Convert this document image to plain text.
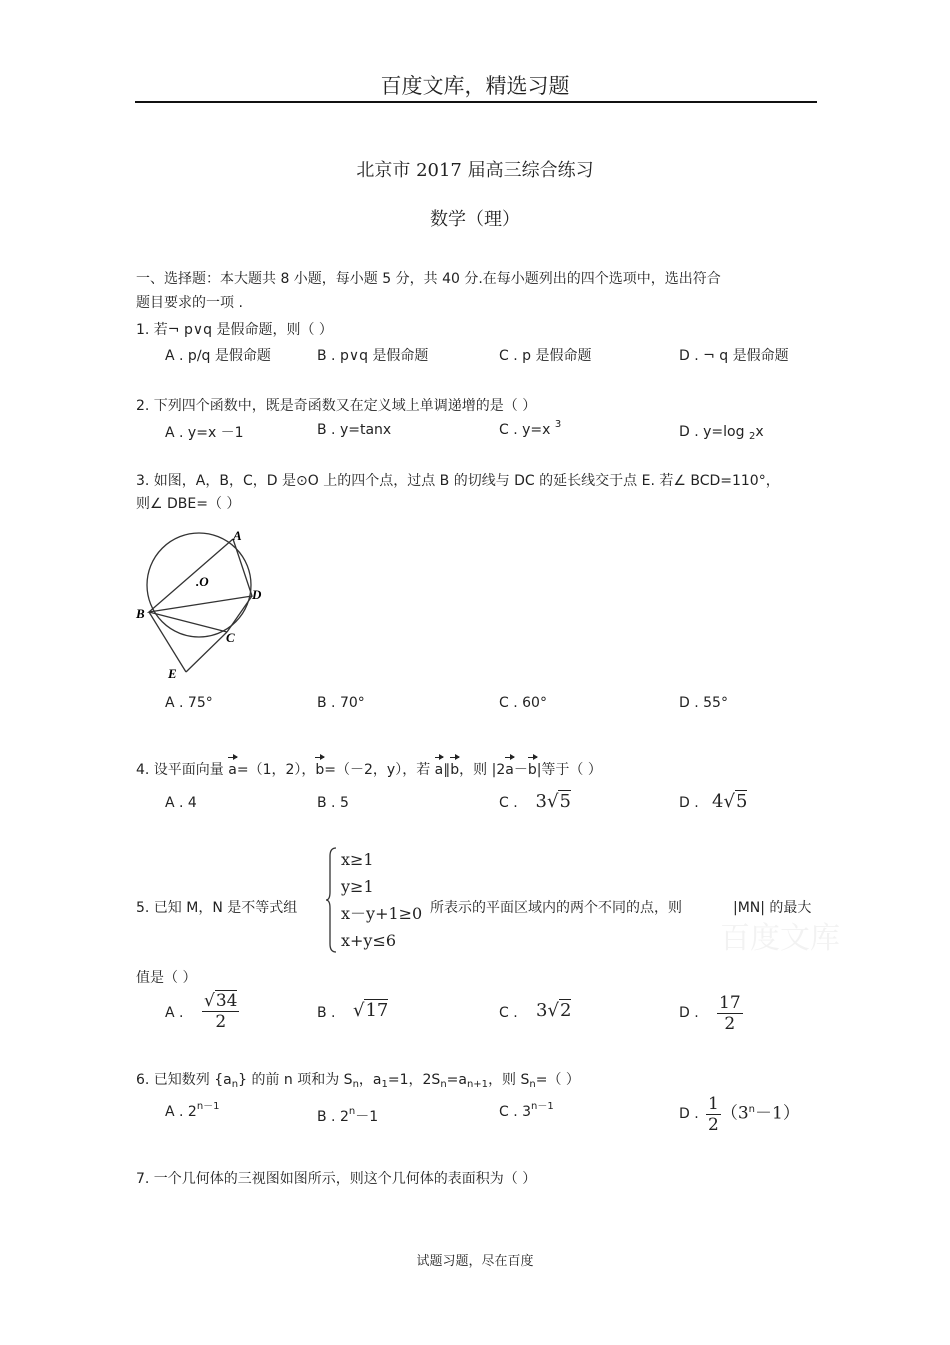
百度文库，精选习题
北京市 2017 届高三综合练习
数学（理）
一、选择题：本大题共 8 小题，每小题 5 分，共 40 分.在每小题列出的四个选项中，选出符合
题目要求的一项 .
1. 若¬ p∨q 是假命题，则（ ）
A . p∕q 是假命题	B . p∨q 是假命题	C . p 是假命题	D . ¬ q 是假命题
2. 下列四个函数中，既是奇函数又在定义域上单调递增的是（ ）
A . y=x －1	B . y=tanx	C . y=x $^3$	D . y=log $_2$x
3. 如图，A，B，C，D 是⊙O 上的四个点，过点 B 的切线与 DC 的延长线交于点 E. 若∠ BCD=110°，
则∠ DBE=（ ）
A
B
D
C
E
.O
A . 75°	B . 70°	C . 60°	D . 55°
4. 设平面向量 a=（1，2），b=（－2，y），若 a∥b，则 |2a－b|等于（ ）
A . 4	B . 5	C . 3√5	D . 4√5
5. 已知 M，N 是不等式组
x≥1
y≥1
x－y+1≥0
x+y≤6
所表示的平面区域内的两个不同的点，则	|MN| 的最大
百度文库
值是（ ）
A . $\frac{√34}{2}$	B . √17	C . 3√2	D . $\frac{17}{2}$
6. 已知数列 $\{a_n\}$ 的前 n 项和为 $S_n$，$a_1=1$，$2S_n=a_{n+1}$，则 $S_n=$（ ）
A . $2^{n-1}$
B . $2^n-1$	C . $3^{n-1}$	D . $\frac{1}{2} (3^n-1)$
7. 一个几何体的三视图如图所示，则这个几何体的表面积为（ ）
试题习题，尽在百度
